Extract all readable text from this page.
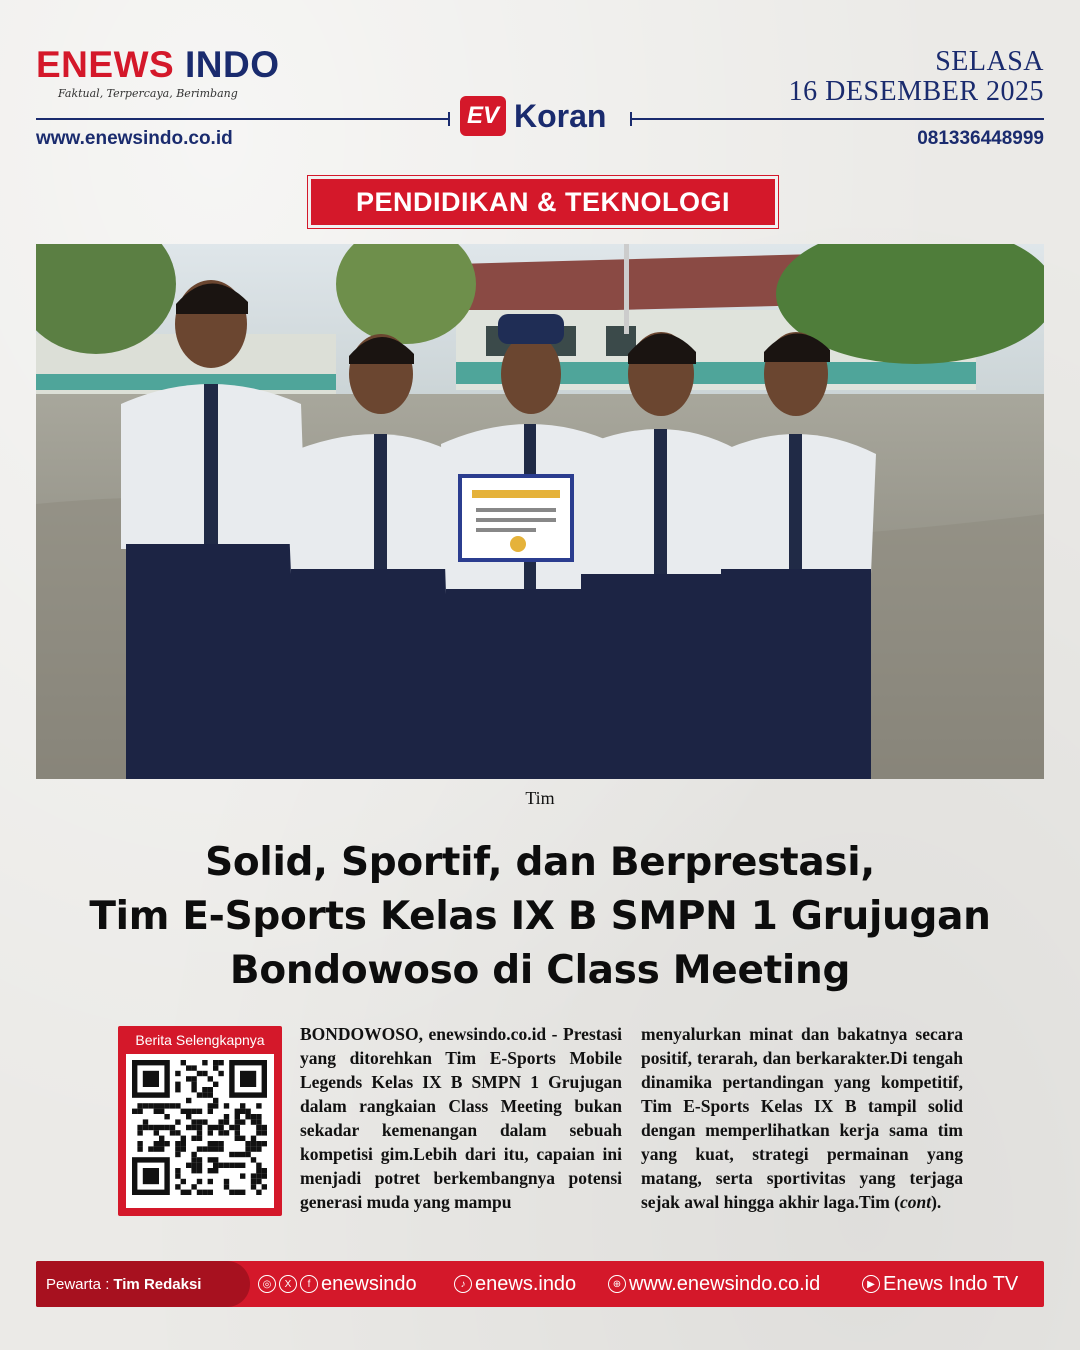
ENEWS INDO
Faktual, Terpercaya, Berimbang
SELASA
16 DESEMBER 2025
EV Koran
www.enewsindo.co.id	081336448999
PENDIDIKAN & TEKNOLOGI
Tim
Solid, Sportif, dan Berprestasi,
Tim E-Sports Kelas IX B SMPN 1 Grujugan
Bondowoso di Class Meeting
Berita Selengkapnya	BONDOWOSO, enewsindo.co.id - Prestasi yang ditorehkan Tim E-Sports Mobile Legends Kelas IX B SMPN 1 Grujugan dalam rangkaian Class Meeting bukan sekadar kemenangan dalam sebuah kompetisi gim.Lebih dari itu, capaian ini menjadi potret berkembangnya potensi generasi muda yang mampu
menyalurkan minat dan bakatnya secara positif, terarah, dan berkarakter.Di tengah dinamika pertandingan yang kompetitif, Tim E-Sports Kelas IX B tampil solid dengan memperlihatkan kerja sama tim yang kuat, strategi permainan yang matang, serta sportivitas yang terjaga sejak awal hingga akhir laga.Tim (cont).
Pewarta : Tim Redaksi	◎	X	f enewsindo	♪ enews.indo	⊕ www.enewsindo.co.id	▶ Enews Indo TV
